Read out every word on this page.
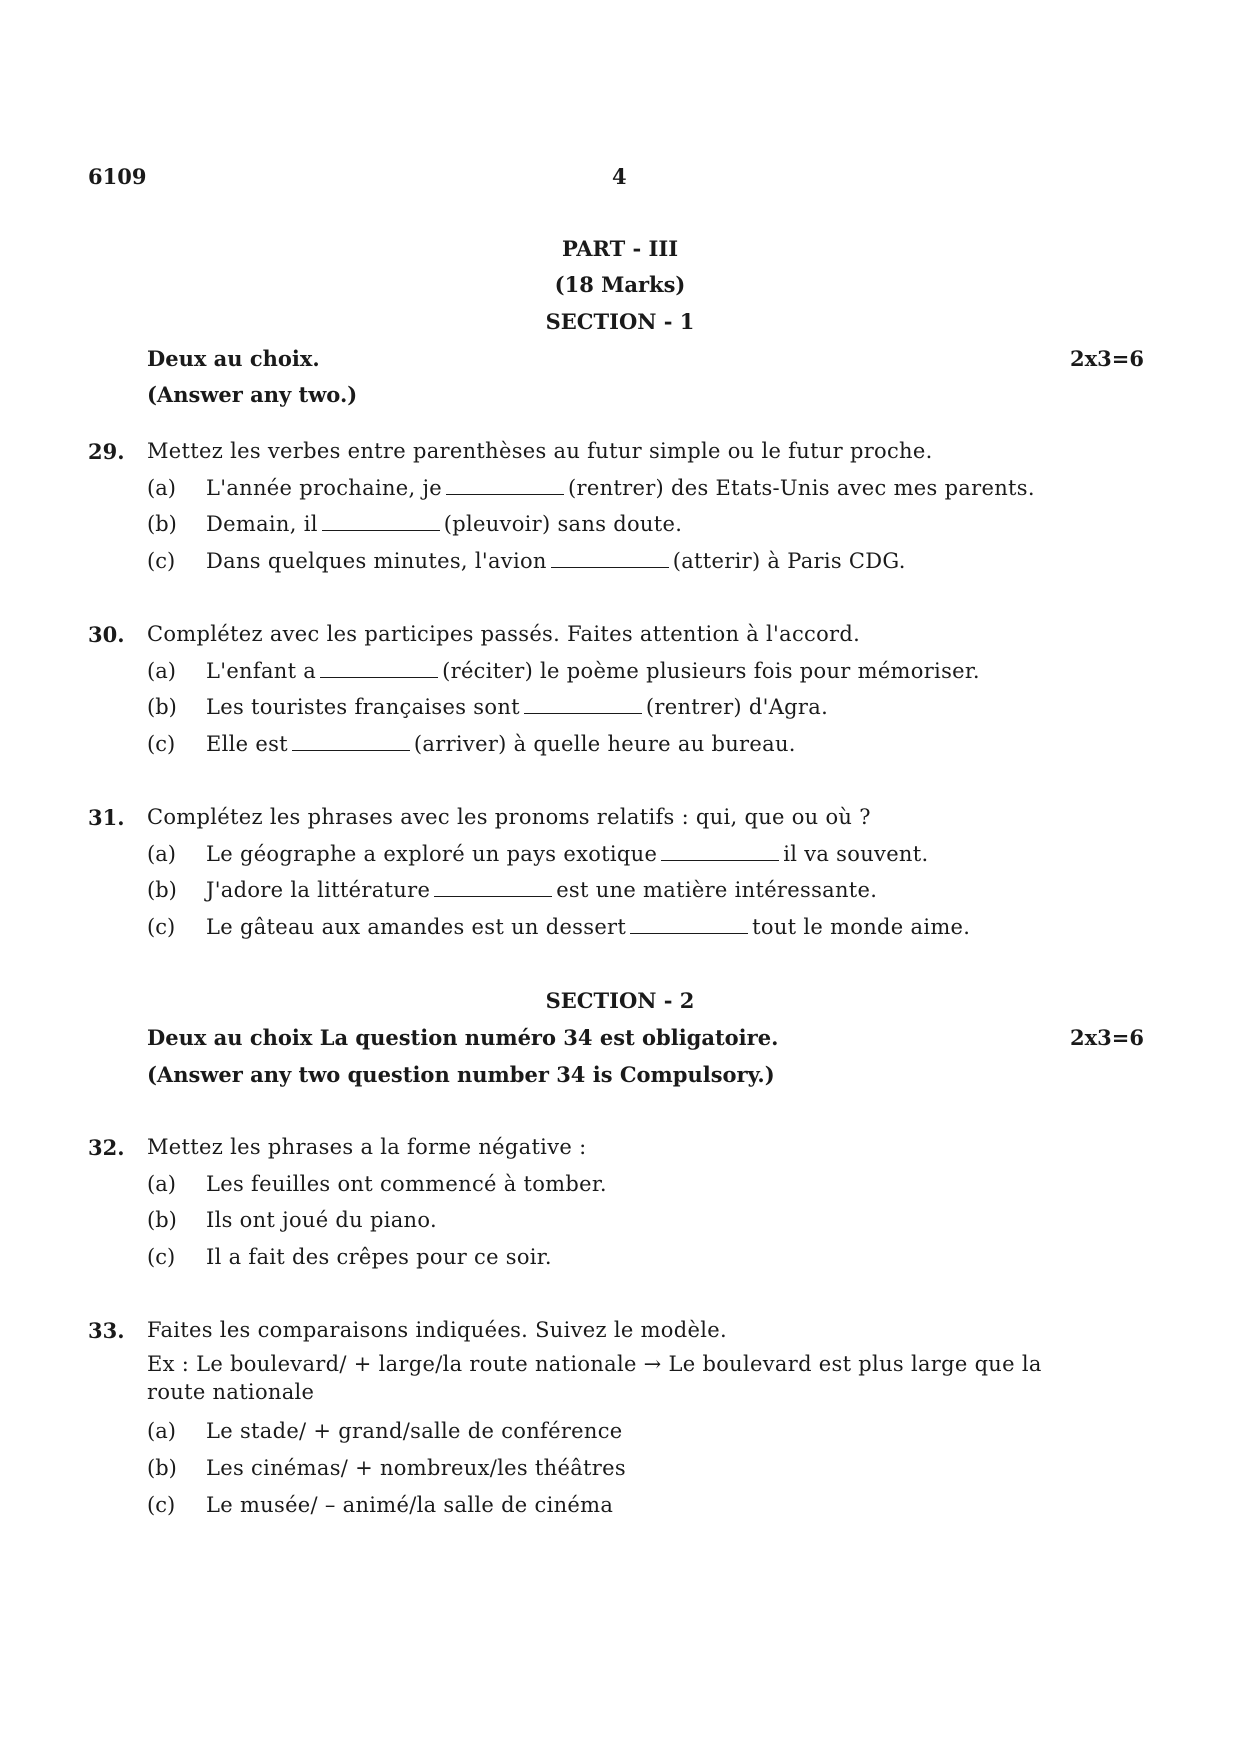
6109	4
PART - III
(18 Marks)
SECTION - 1
Deux au choix.	2x3=6
(Answer any two.)
29. Mettez les verbes entre parenthèses au futur simple ou le futur proche.
(a) L'année prochaine, je	(rentrer) des Etats-Unis avec mes parents.
(b) Demain, il	(pleuvoir) sans doute.
(c) Dans quelques minutes, l'avion	(atterir) à Paris CDG.
30. Complétez avec les participes passés. Faites attention à l'accord.
(a) L'enfant a	(réciter) le poème plusieurs fois pour mémoriser.
(b) Les touristes françaises sont	(rentrer) d'Agra.
(c) Elle est	(arriver) à quelle heure au bureau.
31. Complétez les phrases avec les pronoms relatifs : qui, que ou où ?
(a) Le géographe a exploré un pays exotique	il va souvent.
(b) J'adore la littérature	est une matière intéressante.
(c) Le gâteau aux amandes est un dessert	tout le monde aime.
SECTION - 2
Deux au choix La question numéro 34 est obligatoire.	2x3=6
(Answer any two question number 34 is Compulsory.)
32. Mettez les phrases a la forme négative :
(a) Les feuilles ont commencé à tomber.
(b) Ils ont joué du piano.
(c) Il a fait des crêpes pour ce soir.
33. Faites les comparaisons indiquées. Suivez le modèle.
Ex : Le boulevard/ + large/la route nationale → Le boulevard est plus large que la route nationale
(a) Le stade/ + grand/salle de conférence
(b) Les cinémas/ + nombreux/les théâtres
(c) Le musée/ – animé/la salle de cinéma
